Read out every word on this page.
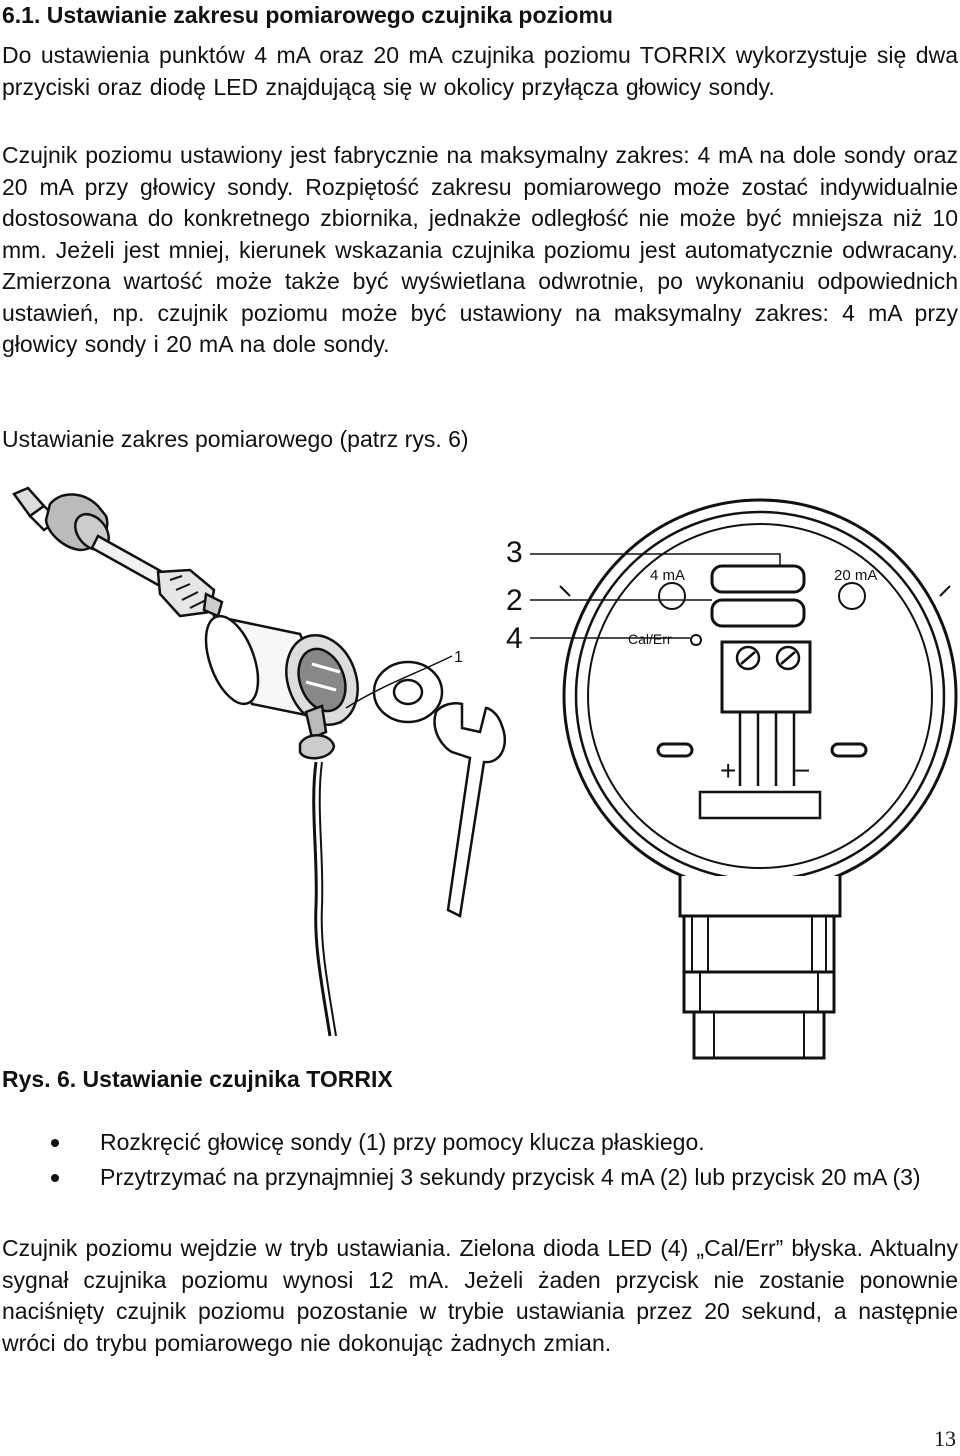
6.1. Ustawianie zakresu pomiarowego czujnika poziomu
Do ustawienia punktów 4 mA oraz 20 mA czujnika poziomu TORRIX wykorzystuje się dwa przyciski oraz diodę LED znajdującą się w okolicy przyłącza głowicy sondy.
Czujnik poziomu ustawiony jest fabrycznie na maksymalny zakres: 4 mA na dole sondy oraz 20 mA przy głowicy sondy. Rozpiętość zakresu pomiarowego może zostać indywidualnie dostosowana do konkretnego zbiornika, jednakże odległość nie może być mniejsza niż 10 mm. Jeżeli jest mniej, kierunek wskazania czujnika poziomu jest automatycznie odwracany. Zmierzona wartość może także być wyświetlana odwrotnie, po wykonaniu odpowiednich ustawień, np. czujnik poziomu może być ustawiony na maksymalny zakres: 4 mA przy głowicy sondy i 20 mA na dole sondy.
Ustawianie zakres pomiarowego (patrz rys. 6)
1
3
2
4
4 mA	20 mA
Cal/Err
+ −
Rys. 6. Ustawianie czujnika TORRIX
Rozkręcić głowicę sondy (1) przy pomocy klucza płaskiego.
Przytrzymać na przynajmniej 3 sekundy przycisk 4 mA (2) lub przycisk 20 mA (3)
Czujnik poziomu wejdzie w tryb ustawiania. Zielona dioda LED (4) „Cal/Err” błyska. Aktualny sygnał czujnika poziomu wynosi 12 mA. Jeżeli żaden przycisk nie zostanie ponownie naciśnięty czujnik poziomu pozostanie w trybie ustawiania przez 20 sekund, a następnie wróci do trybu pomiarowego nie dokonując żadnych zmian.
13
